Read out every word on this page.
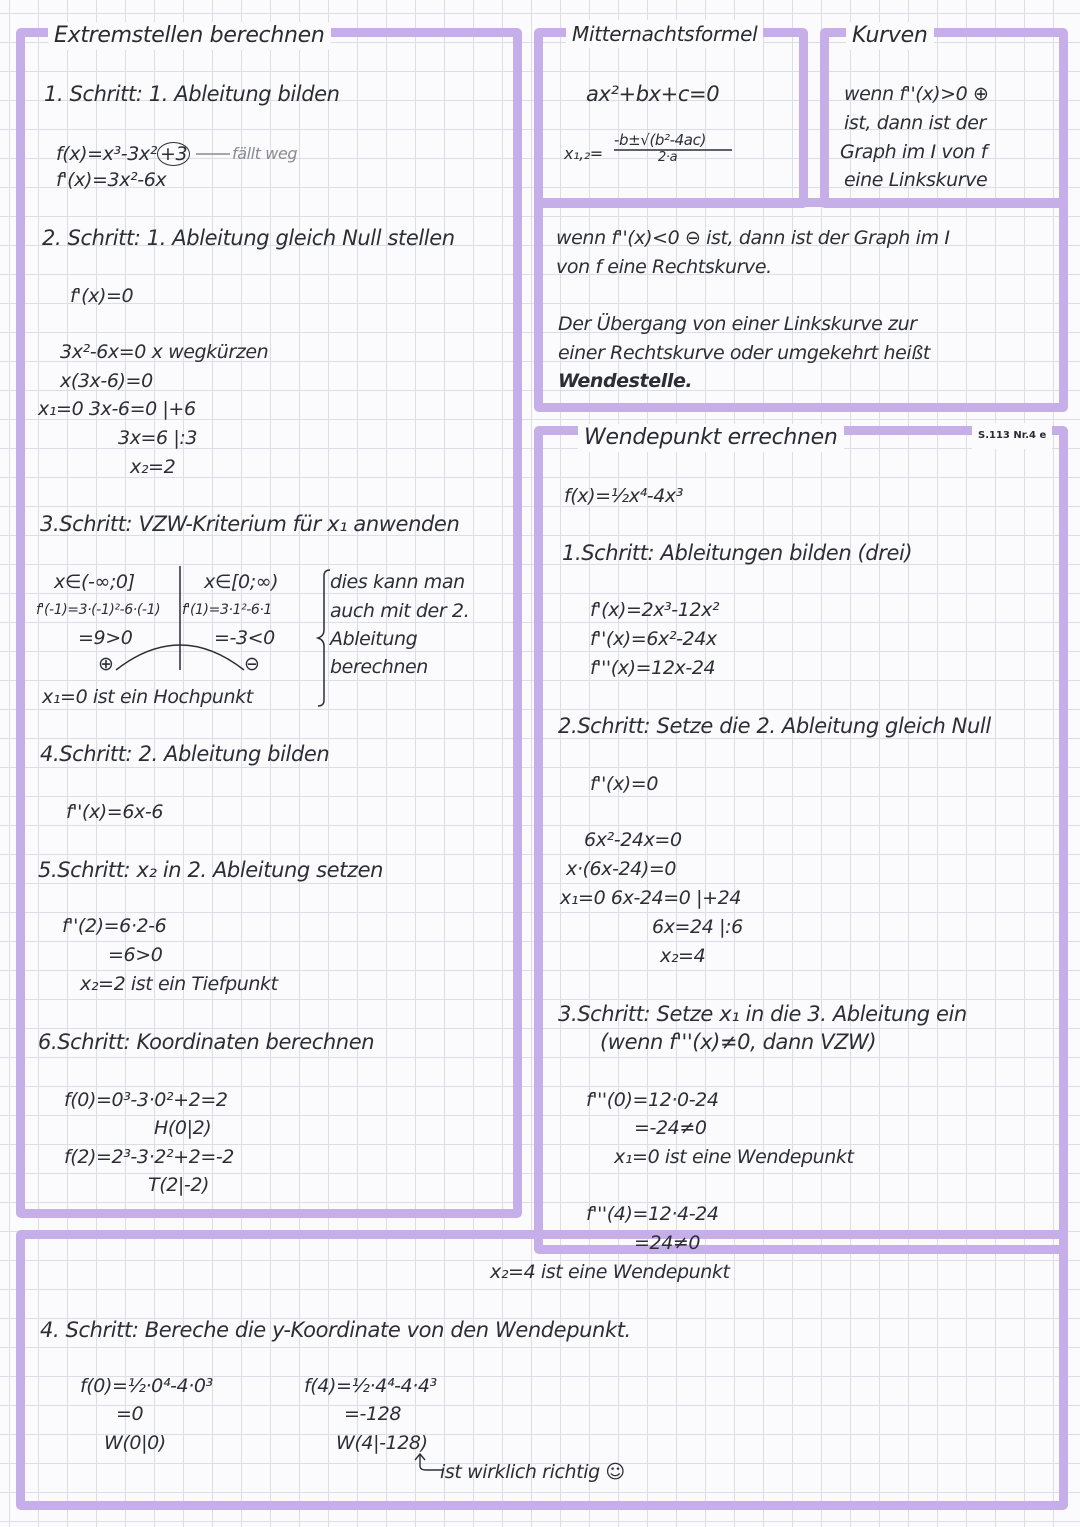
Extremstellen berechnen	Mitternachtsformel	Kurven
Wendepunkt errechnen	S.113 Nr.4 e
1. Schritt: 1. Ableitung bilden
f(x)=x³-3x² +3	fällt weg
f'(x)=3x²-6x
2. Schritt: 1. Ableitung gleich Null stellen
f'(x)=0
3x²-6x=0 x wegkürzen
x(3x-6)=0
x₁=0 3x-6=0 |+6
3x=6 |:3
x₂=2
3.Schritt: VZW-Kriterium für x₁ anwenden
x∈(-∞;0]	x∈[0;∞)
f'(-1)=3·(-1)²-6·(-1) f'(1)=3·1²-6·1
=9>0	=-3<0
⊕	⊖
dies kann man
auch mit der 2.
Ableitung
berechnen
x₁=0 ist ein Hochpunkt
4.Schritt: 2. Ableitung bilden
f''(x)=6x-6
5.Schritt: x₂ in 2. Ableitung setzen
f''(2)=6·2-6
=6>0
x₂=2 ist ein Tiefpunkt
6.Schritt: Koordinaten berechnen
f(0)=0³-3·0²+2=2
H(0|2)
f(2)=2³-3·2²+2=-2
T(2|-2)
ax²+bx+c=0
x₁,₂=
-b±√(b²-4ac)
2·a
wenn f''(x)>0 ⊕
ist, dann ist der
Graph im I von f
eine Linkskurve
wenn f''(x)<0 ⊖ ist, dann ist der Graph im I
von f eine Rechtskurve.
Der Übergang von einer Linkskurve zur
einer Rechtskurve oder umgekehrt heißt
Wendestelle.
f(x)=½x⁴-4x³
1.Schritt: Ableitungen bilden (drei)
f'(x)=2x³-12x²
f''(x)=6x²-24x
f'''(x)=12x-24
2.Schritt: Setze die 2. Ableitung gleich Null
f''(x)=0
6x²-24x=0
x·(6x-24)=0
x₁=0 6x-24=0 |+24
6x=24 |:6
x₂=4
3.Schritt: Setze x₁ in die 3. Ableitung ein
(wenn f'''(x)≠0, dann VZW)
f'''(0)=12·0-24
=-24≠0
x₁=0 ist eine Wendepunkt
f'''(4)=12·4-24
=24≠0
x₂=4 ist eine Wendepunkt
4. Schritt: Bereche die y-Koordinate von den Wendepunkt.
f(0)=½·0⁴-4·0³
=0
W(0|0)
f(4)=½·4⁴-4·4³
=-128
W(4|-128)
ist wirklich richtig ☺
